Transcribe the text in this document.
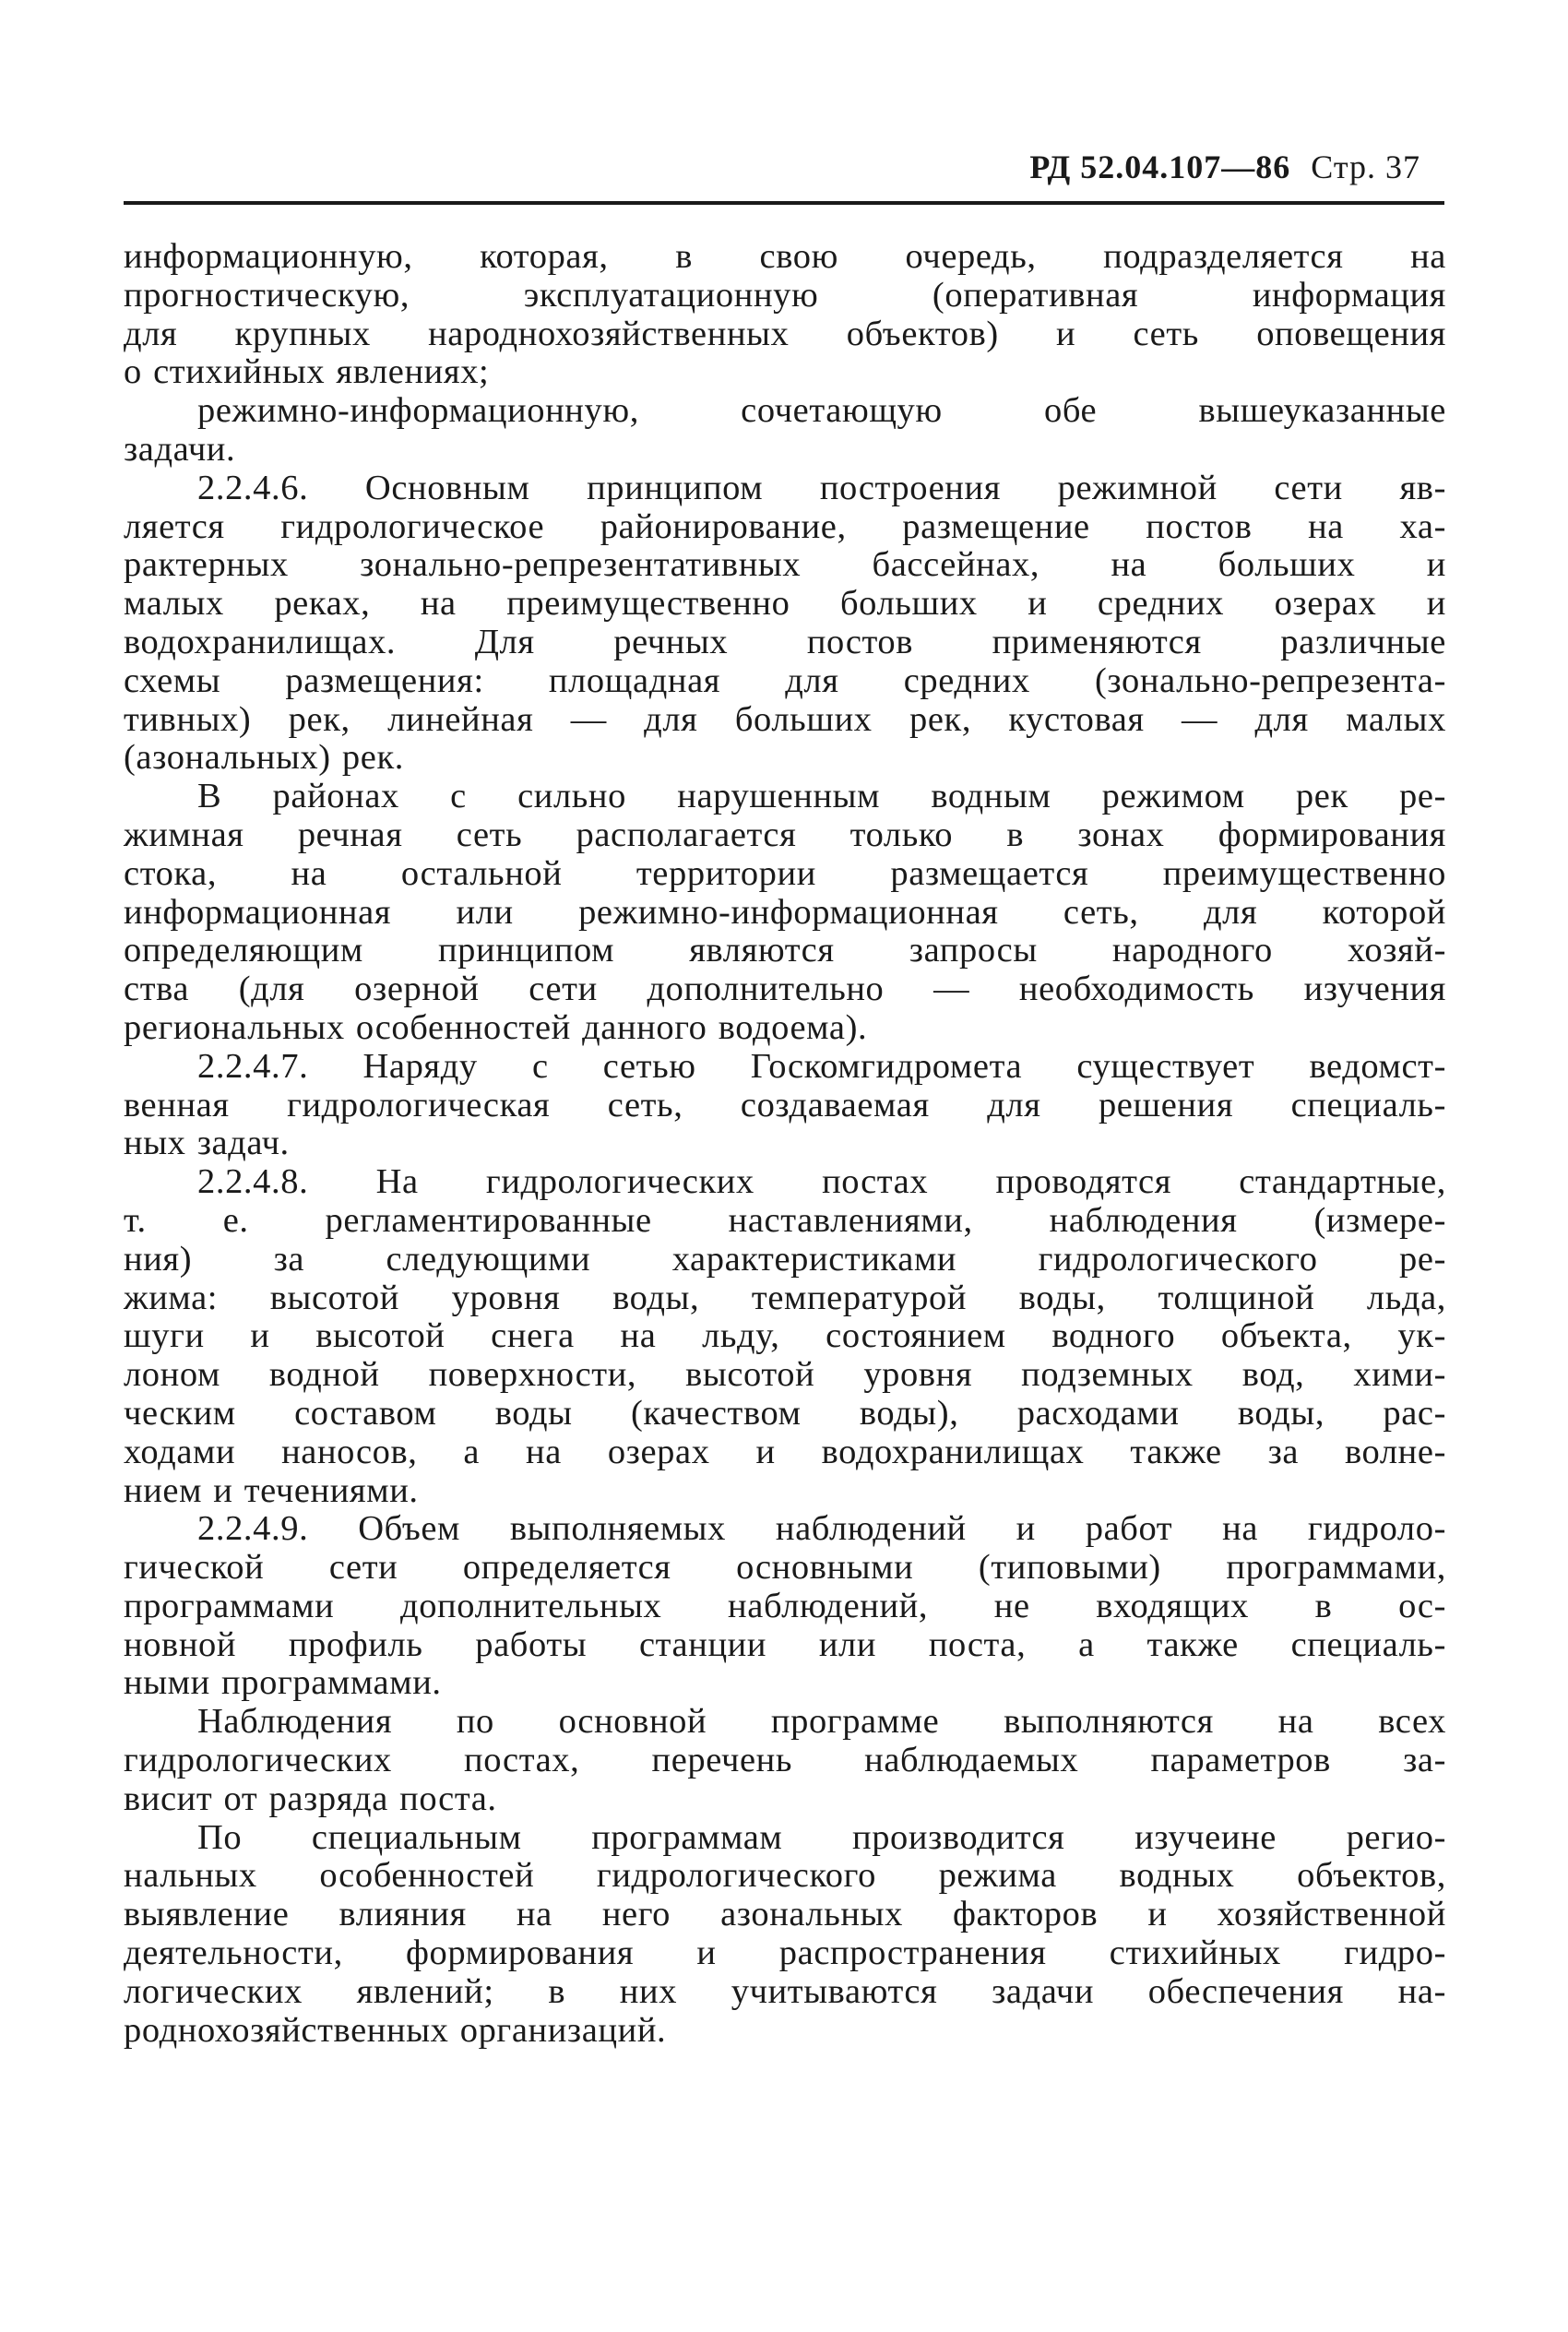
РД 52.04.107—86 Стр. 37

информационную, которая, в свою очередь, подразделяется на
прогностическую, эксплуатационную (оперативная информация
для крупных народнохозяйственных объектов) и сеть оповещения
о стихийных явлениях;

режимно-информационную, сочетающую обе вышеуказанные
задачи.

2.2.4.6. Основным принципом построения режимной сети яв-
ляется гидрологическое районирование, размещение постов на ха-
рактерных зонально-репрезентативных бассейнах, на больших и
малых реках, на преимущественно больших и средних озерах и
водохранилищах. Для речных постов применяются различные
схемы размещения: площадная для средних (зонально-репрезента-
тивных) рек, линейная — для больших рек, кустовая — для малых
(азональных) рек.

В районах с сильно нарушенным водным режимом рек ре-
жимная речная сеть располагается только в зонах формирования
стока, на остальной территории размещается преимущественно
информационная или режимно-информационная сеть, для которой
определяющим принципом являются запросы народного хозяй-
ства (для озерной сети дополнительно — необходимость изучения
региональных особенностей данного водоема).

2.2.4.7. Наряду с сетью Госкомгидромета существует ведомст-
венная гидрологическая сеть, создаваемая для решения специаль-
ных задач.

2.2.4.8. На гидрологических постах проводятся стандартные,
т. е. регламентированные наставлениями, наблюдения (измере-
ния) за следующими характеристиками гидрологического ре-
жима: высотой уровня воды, температурой воды, толщиной льда,
шуги и высотой снега на льду, состоянием водного объекта, ук-
лоном водной поверхности, высотой уровня подземных вод, хими-
ческим составом воды (качеством воды), расходами воды, рас-
ходами наносов, а на озерах и водохранилищах также за волне-
нием и течениями.

2.2.4.9. Объем выполняемых наблюдений и работ на гидроло-
гической сети определяется основными (типовыми) программами,
программами дополнительных наблюдений, не входящих в ос-
новной профиль работы станции или поста, а также специаль-
ными программами.

Наблюдения по основной программе выполняются на всех
гидрологических постах, перечень наблюдаемых параметров за-
висит от разряда поста.

По специальным программам производится изучеине регио-
нальных особенностей гидрологического режима водных объектов,
выявление влияния на него азональных факторов и хозяйственной
деятельности, формирования и распространения стихийных гидро-
логических явлений; в них учитываются задачи обеспечения на-
роднохозяйственных организаций.
